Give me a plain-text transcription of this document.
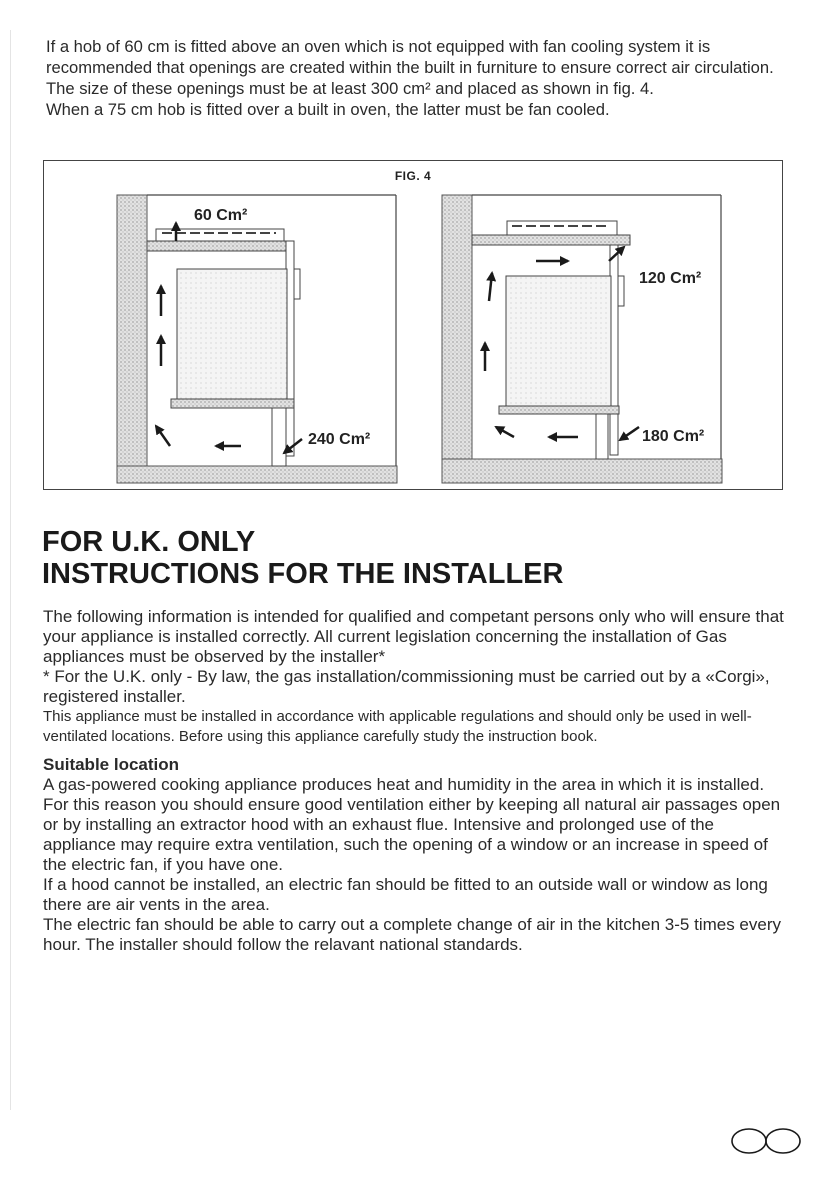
If a hob of 60 cm is fitted above an oven which is not equipped with fan cooling system it is recommended that openings are created within the built in furniture to ensure correct air circulation.

The size of these openings must be at least 300 cm² and placed as shown in fig. 4.

When a 75 cm hob is fitted over a built in oven, the latter must be fan cooled.

FIG. 4
60 Cm²
240 Cm²
120 Cm²
180 Cm²
FOR U.K. ONLY
INSTRUCTIONS FOR THE INSTALLER

The following information is intended for qualified and competant persons only who will ensure that your appliance is installed correctly. All current legislation concerning the installation of Gas appliances must be observed by the installer*

* For the U.K. only - By law, the gas installation/commissioning must be carried out by a «Corgi», registered installer.

This appliance must be installed in accordance with applicable regulations and should only be used in well-ventilated locations. Before using this appliance carefully study the instruction book.

Suitable location

A gas-powered cooking appliance produces heat and humidity in the area in which it is installed. For this reason you should ensure good ventilation either by keeping all natural air passages open or by installing an extractor hood with an exhaust flue. Intensive and prolonged use of the appliance may require extra ventilation, such the opening of a window or an increase in speed of the electric fan, if you have one.

If a hood cannot be installed, an electric fan should be fitted to an outside wall or window as long there are air vents in the area.

The electric fan should be able to carry out a complete change of air in the kitchen 3-5 times every hour. The installer should follow the relavant national standards.
